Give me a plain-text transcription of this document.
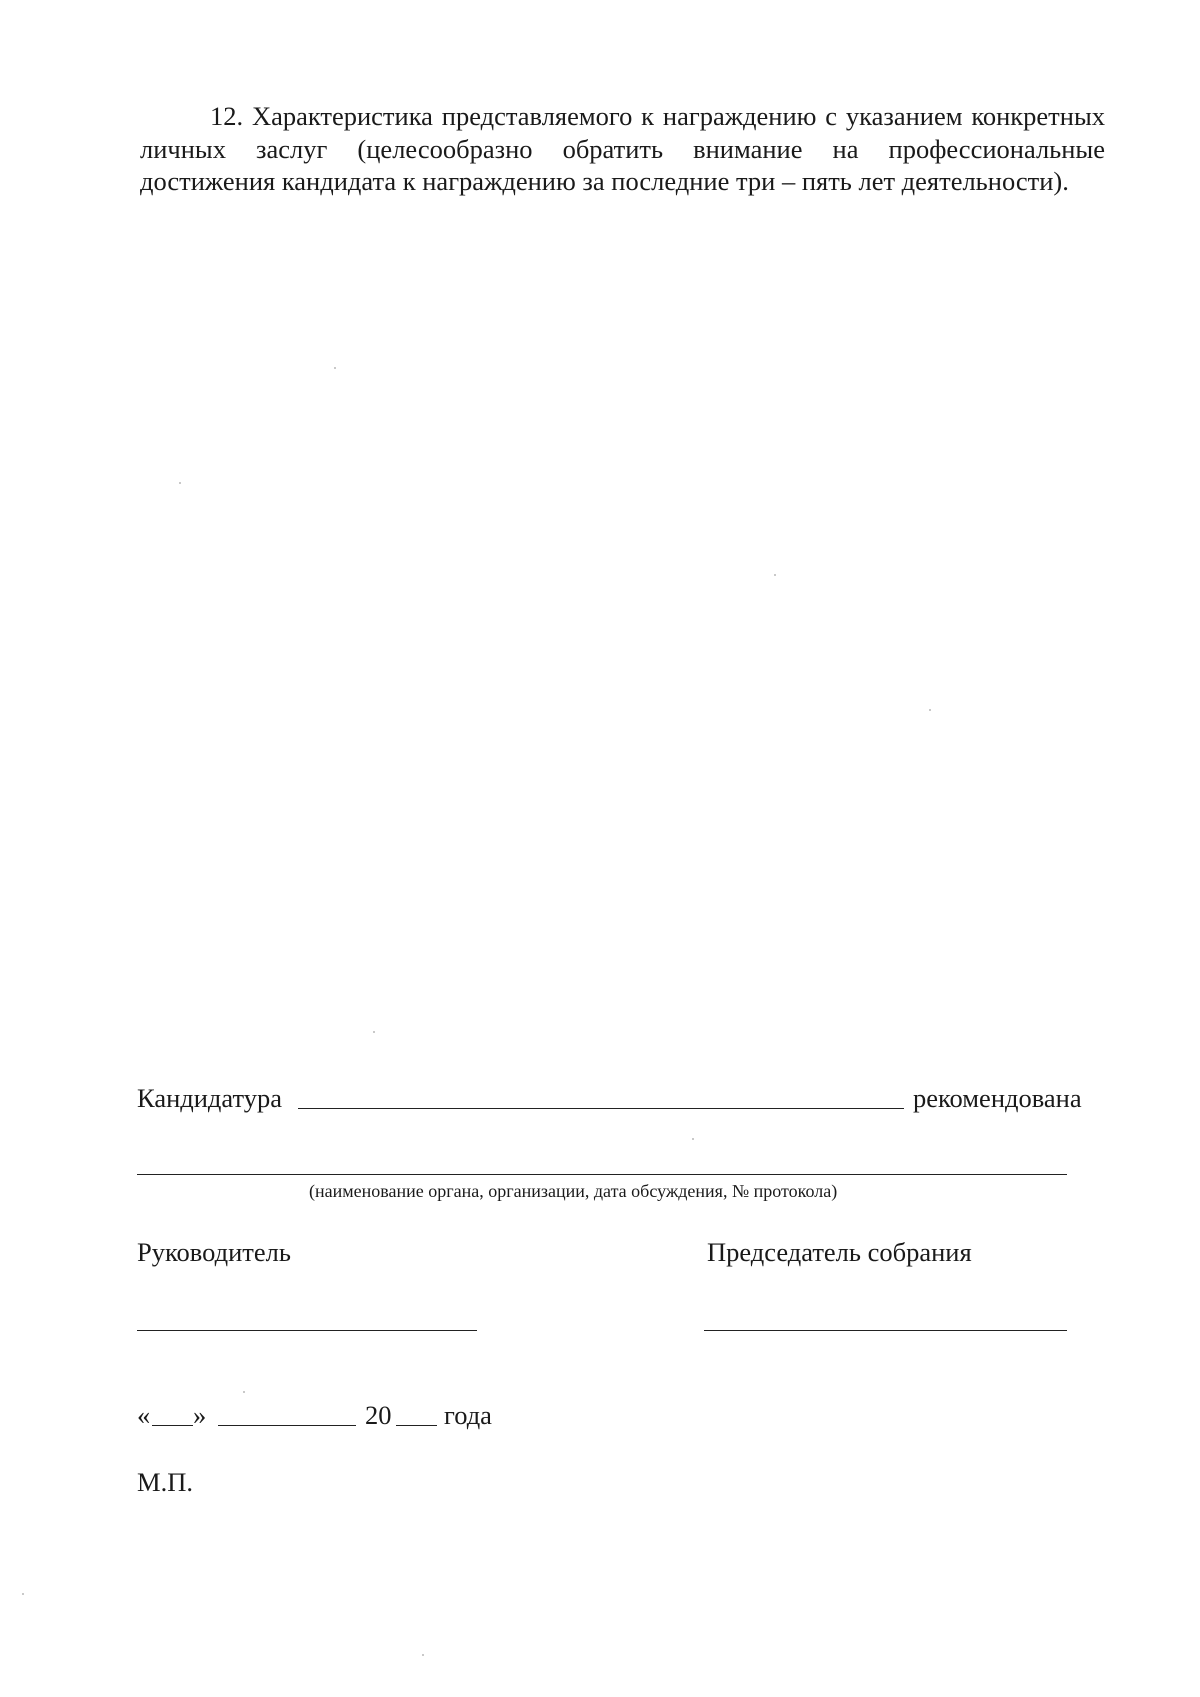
12. Характеристика представляемого к награждению с указанием конкретных личных заслуг (целесообразно обратить внимание на профессиональные достижения кандидата к награждению за последние три – пять лет деятельности).

Кандидатура	рекомендована
(наименование органа, организации, дата обсуждения, № протокола)
Руководитель	Председатель собрания
« »	20 года
М.П.
